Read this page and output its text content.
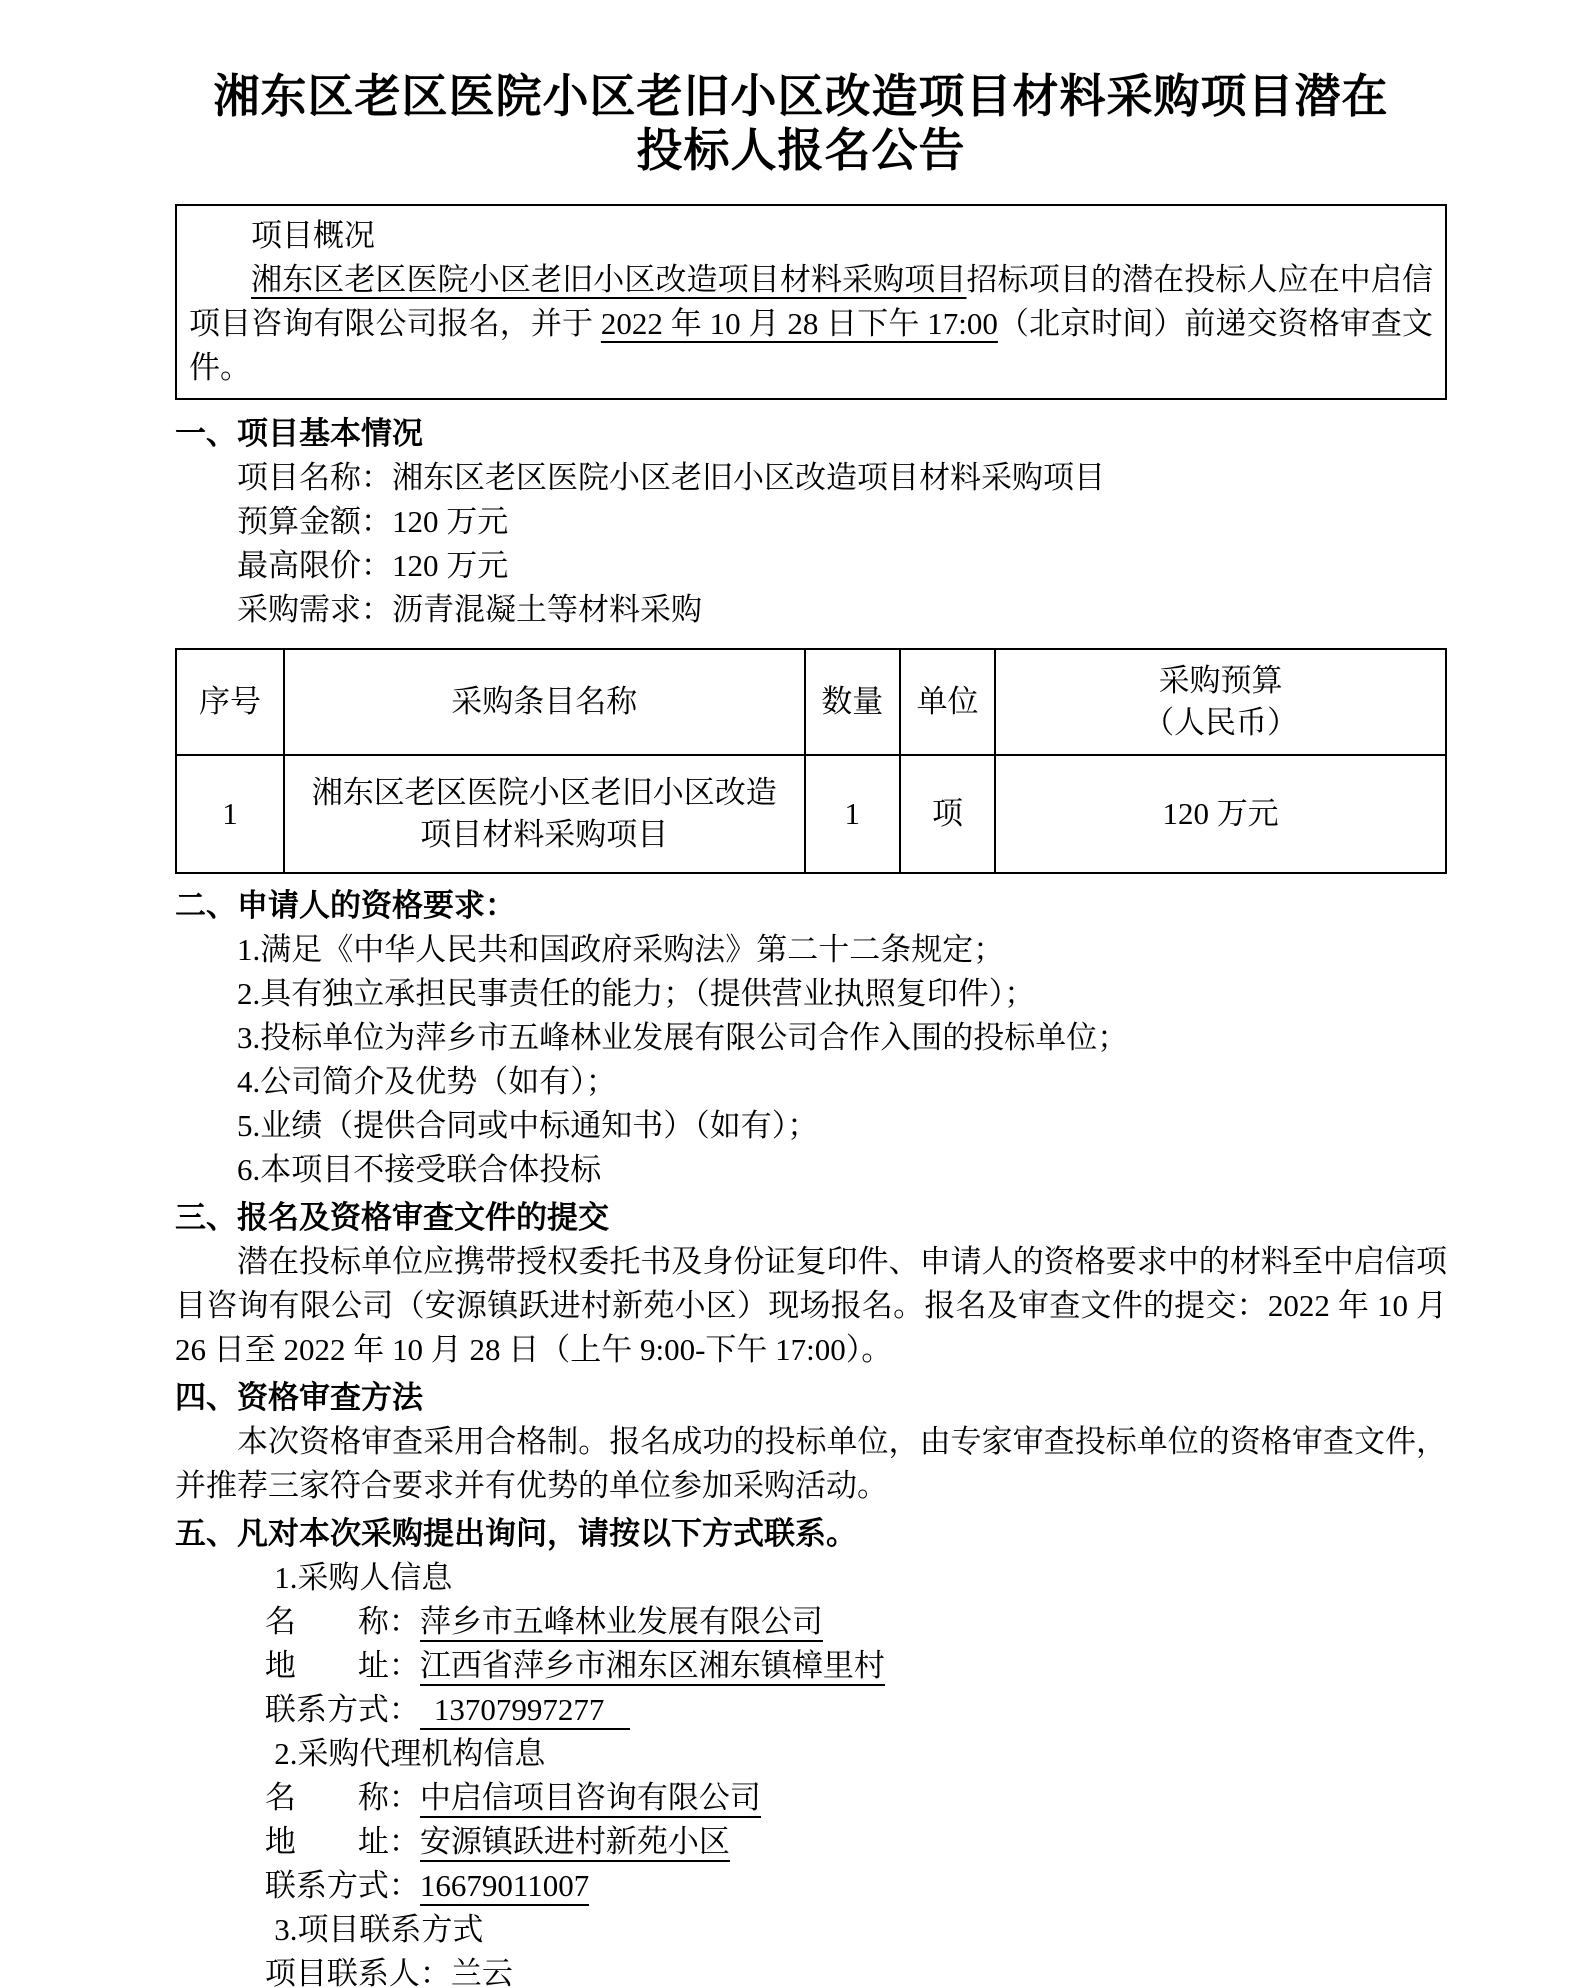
湘东区老区医院小区老旧小区改造项目材料采购项目潜在
投标人报名公告
项目概况
湘东区老区医院小区老旧小区改造项目材料采购项目招标项目的潜在投标人应在中启信项目咨询有限公司报名，并于 2022 年 10 月 28 日下午 17:00（北京时间）前递交资格审查文件。
一、项目基本情况
项目名称：湘东区老区医院小区老旧小区改造项目材料采购项目
预算金额：120 万元
最高限价：120 万元
采购需求：沥青混凝土等材料采购
序号	采购条目名称	数量	单位	采购预算
（人民币）

1	湘东区老区医院小区老旧小区改造
项目材料采购项目	1	项	120 万元
二、申请人的资格要求：
1.满足《中华人民共和国政府采购法》第二十二条规定；
2.具有独立承担民事责任的能力；（提供营业执照复印件）；
3.投标单位为萍乡市五峰林业发展有限公司合作入围的投标单位；
4.公司简介及优势（如有）；
5.业绩（提供合同或中标通知书）（如有）；
6.本项目不接受联合体投标
三、报名及资格审查文件的提交
潜在投标单位应携带授权委托书及身份证复印件、申请人的资格要求中的材料至中启信项目咨询有限公司（安源镇跃进村新苑小区）现场报名。报名及审查文件的提交：2022 年 10 月 26 日至 2022 年 10 月 28 日（上午 9:00-下午 17:00）。
四、资格审查方法
本次资格审查采用合格制。报名成功的投标单位，由专家审查投标单位的资格审查文件，并推荐三家符合要求并有优势的单位参加采购活动。
五、凡对本次采购提出询问，请按以下方式联系。
1.采购人信息
名　　称：萍乡市五峰林业发展有限公司
地　　址：江西省萍乡市湘东区湘东镇樟里村
联系方式： 13707997277
2.采购代理机构信息
名　　称：中启信项目咨询有限公司
地　　址：安源镇跃进村新苑小区
联系方式：16679011007
3.项目联系方式
项目联系人：兰云
